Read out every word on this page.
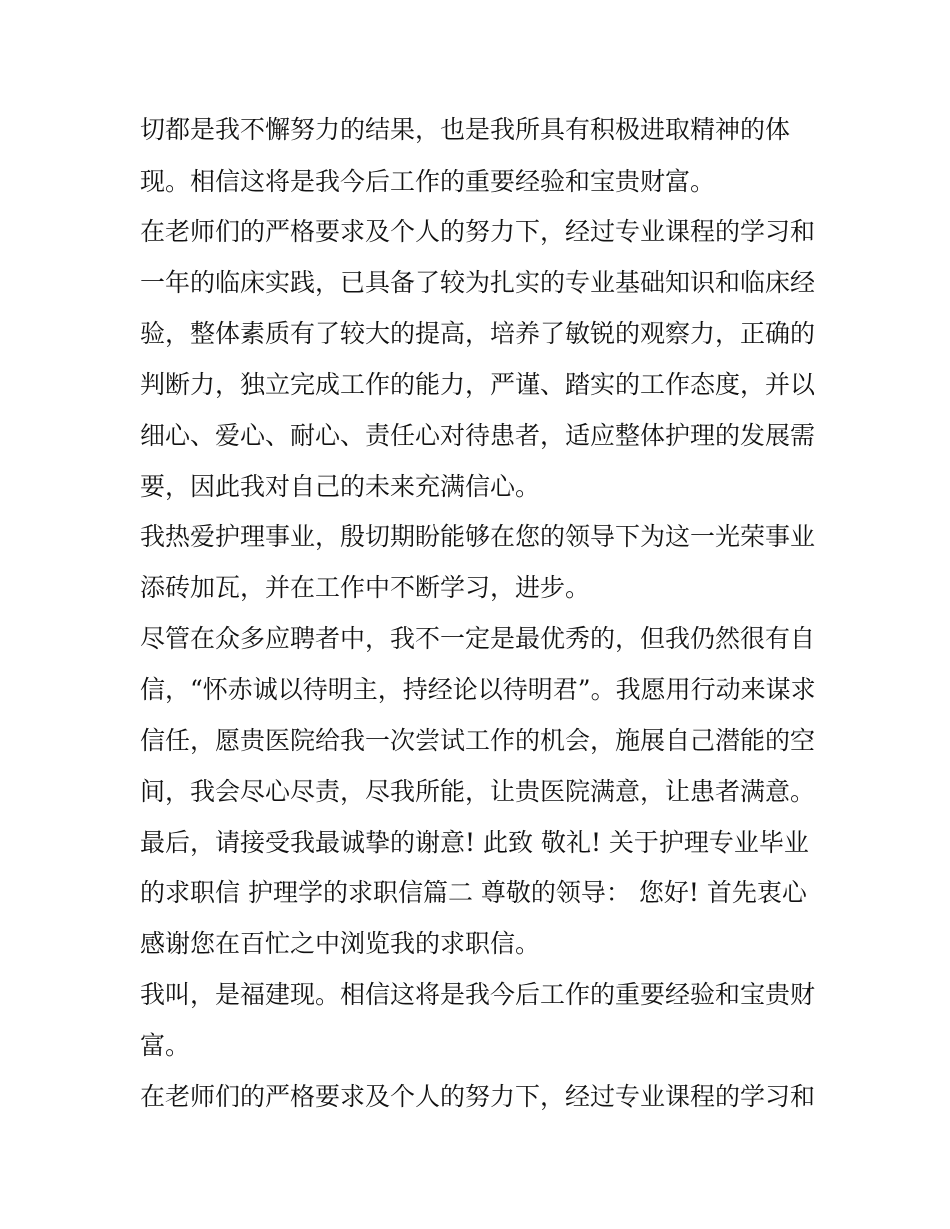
切都是我不懈努力的结果，也是我所具有积极进取精神的体
现。相信这将是我今后工作的重要经验和宝贵财富。
在老师们的严格要求及个人的努力下，经过专业课程的学习和
一年的临床实践，已具备了较为扎实的专业基础知识和临床经
验，整体素质有了较大的提高，培养了敏锐的观察力，正确的
判断力，独立完成工作的能力，严谨、踏实的工作态度，并以
细心、爱心、耐心、责任心对待患者，适应整体护理的发展需
要，因此我对自己的未来充满信心。
我热爱护理事业，殷切期盼能够在您的领导下为这一光荣事业
添砖加瓦，并在工作中不断学习，进步。
尽管在众多应聘者中，我不一定是最优秀的，但我仍然很有自
信，“怀赤诚以待明主，持经论以待明君”。我愿用行动来谋求
信任，愿贵医院给我一次尝试工作的机会，施展自己潜能的空
间，我会尽心尽责，尽我所能，让贵医院满意，让患者满意。
最后，请接受我最诚挚的谢意! 此致 敬礼! 关于护理专业毕业
的求职信 护理学的求职信篇二 尊敬的领导： 您好! 首先衷心
感谢您在百忙之中浏览我的求职信。
我叫，是福建现。相信这将是我今后工作的重要经验和宝贵财
富。
在老师们的严格要求及个人的努力下，经过专业课程的学习和
